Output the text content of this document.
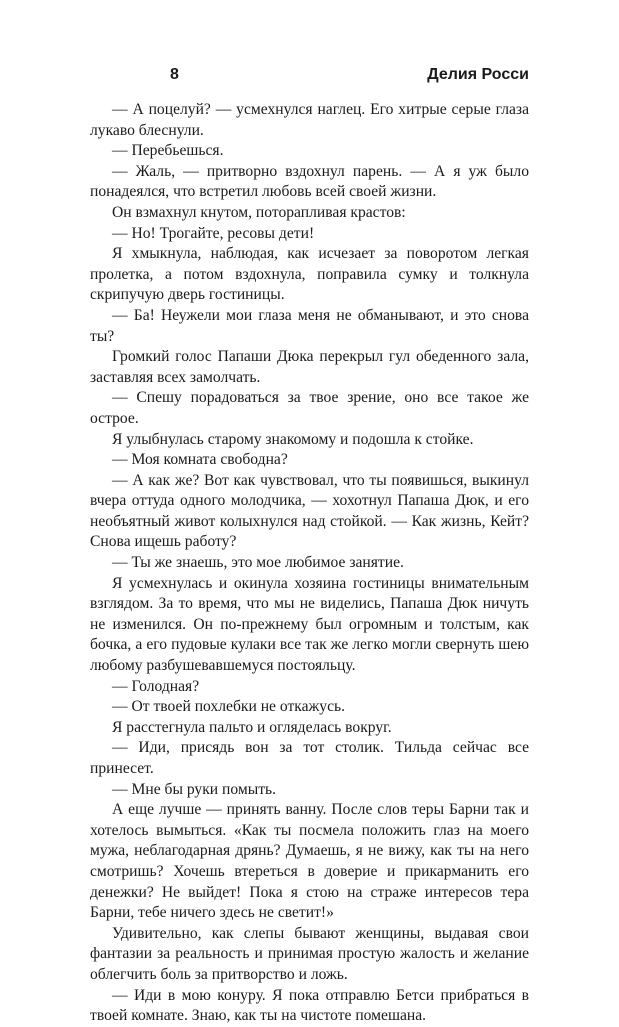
8	Делия Росси

— А поцелуй? — усмехнулся наглец. Его хитрые серые глаза лукаво блеснули.

— Перебьешься.

— Жаль, — притворно вздохнул парень. — А я уж было понадеялся, что встретил любовь всей своей жизни.

Он взмахнул кнутом, поторапливая крастов:

— Но! Трогайте, ресовы дети!

Я хмыкнула, наблюдая, как исчезает за поворотом легкая пролетка, а потом вздохнула, поправила сумку и толкнула скрипучую дверь гостиницы.

— Ба! Неужели мои глаза меня не обманывают, и это снова ты?

Громкий голос Папаши Дюка перекрыл гул обеденного зала, заставляя всех замолчать.

— Спешу порадоваться за твое зрение, оно все такое же острое.

Я улыбнулась старому знакомому и подошла к стойке.

— Моя комната свободна?

— А как же? Вот как чувствовал, что ты появишься, выкинул вчера оттуда одного молодчика, — хохотнул Папаша Дюк, и его необъятный живот колыхнулся над стойкой. — Как жизнь, Кейт? Снова ищешь работу?

— Ты же знаешь, это мое любимое занятие.

Я усмехнулась и окинула хозяина гостиницы внимательным взглядом. За то время, что мы не виделись, Папаша Дюк ничуть не изменился. Он по-прежнему был огромным и толстым, как бочка, а его пудовые кулаки все так же легко могли свернуть шею любому разбушевавшемуся постояльцу.

— Голодная?

— От твоей похлебки не откажусь.

Я расстегнула пальто и огляделась вокруг.

— Иди, присядь вон за тот столик. Тильда сейчас все принесет.

— Мне бы руки помыть.

А еще лучше — принять ванну. После слов теры Барни так и хотелось вымыться. «Как ты посмела положить глаз на моего мужа, неблагодарная дрянь? Думаешь, я не вижу, как ты на него смотришь? Хочешь втереться в доверие и прикарманить его денежки? Не выйдет! Пока я стою на страже интересов тера Барни, тебе ничего здесь не светит!»

Удивительно, как слепы бывают женщины, выдавая свои фантазии за реальность и принимая простую жалость и желание облегчить боль за притворство и ложь.

— Иди в мою конуру. Я пока отправлю Бетси прибраться в твоей комнате. Знаю, как ты на чистоте помешана.
